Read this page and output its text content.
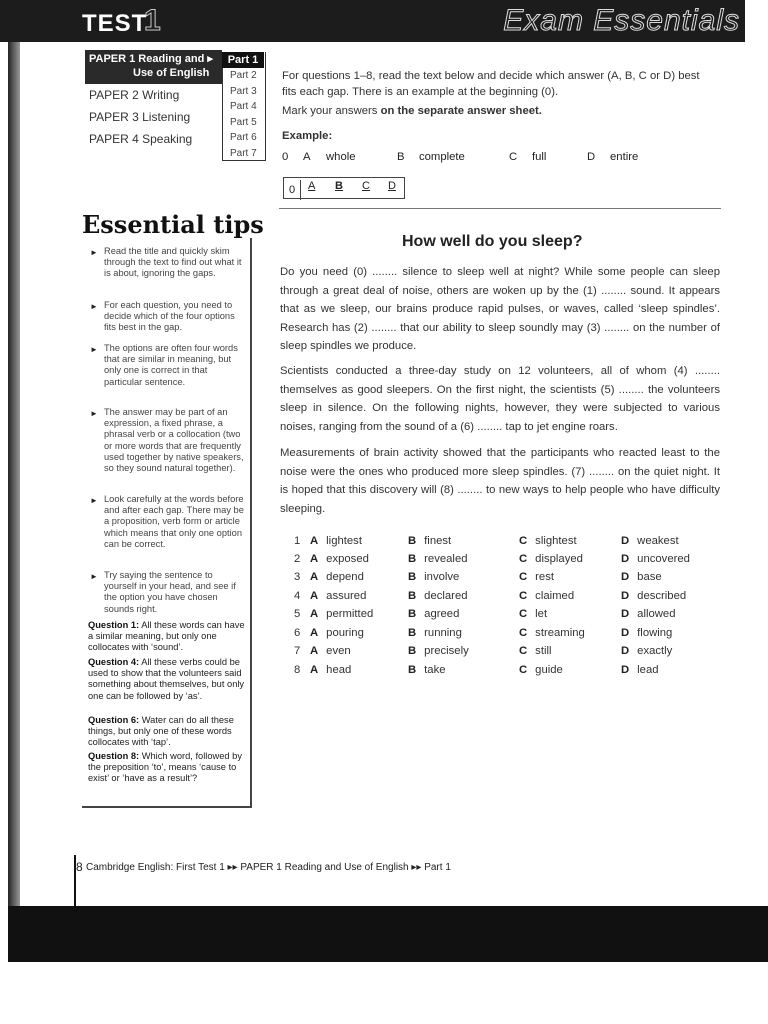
TEST
1	Exam Essentials
PAPER 1 Reading and ▸
Use of English
Part 1
Part 2
Part 3
Part 4
Part 5
Part 6
Part 7
PAPER 2 Writing
PAPER 3 Listening
PAPER 4 Speaking
For questions 1–8, read the text below and decide which answer (A, B, C or D) best
fits each gap. There is an example at the beginning (0).
Mark your answers on the separate answer sheet.
Example:
0 A whole	B complete	C full	D entire
0	A B C D
Essential tips
► Read the title and quickly skim through the text to find out what it is about, ignoring the gaps.
► For each question, you need to decide which of the four options fits best in the gap.
► The options are often four words that are similar in meaning, but only one is correct in that particular sentence.
► The answer may be part of an expression, a fixed phrase, a phrasal verb or a collocation (two or more words that are frequently used together by native speakers, so they sound natural together).
► Look carefully at the words before and after each gap. There may be a proposition, verb form or article which means that only one option can be correct.
► Try saying the sentence to yourself in your head, and see if the option you have chosen sounds right.
Question 1: All these words can have a similar meaning, but only one collocates with ‘sound’.
Question 4: All these verbs could be used to show that the volunteers said something about themselves, but only one can be followed by ‘as’.
Question 6: Water can do all these things, but only one of these words collocates with ‘tap’.
Question 8: Which word, followed by the preposition ‘to’, means ‘cause to exist’ or ‘have as a result’?
How well do you sleep?
Do you need (0) ........ silence to sleep well at night? While some people can sleep through a great deal of noise, others are woken up by the (1) ........ sound. It appears that as we sleep, our brains produce rapid pulses, or waves, called ‘sleep spindles’. Research has (2) ........ that our ability to sleep soundly may (3) ........ on the number of sleep spindles we produce.
Scientists conducted a three-day study on 12 volunteers, all of whom (4) ........ themselves as good sleepers. On the first night, the scientists (5) ........ the volunteers sleep in silence. On the following nights, however, they were subjected to various noises, ranging from the sound of a (6) ........ tap to jet engine roars.
Measurements of brain activity showed that the participants who reacted least to the noise were the ones who produced more sleep spindles. (7) ........ on the quiet night. It is hoped that this discovery will (8) ........ to new ways to help people who have difficulty sleeping.
1 A lightest	B finest	C slightest	D weakest
2 A exposed	B revealed	C displayed	D uncovered
3 A depend	B involve	C rest	D base
4 A assured	B declared	C claimed	D described
5 A permitted	B agreed	C let	D allowed
6 A pouring	B running	C streaming	D flowing
7 A even	B precisely	C still	D exactly
8 A head	B take	C guide	D lead
8 Cambridge English: First Test 1 ▸▸ PAPER 1 Reading and Use of English ▸▸ Part 1
